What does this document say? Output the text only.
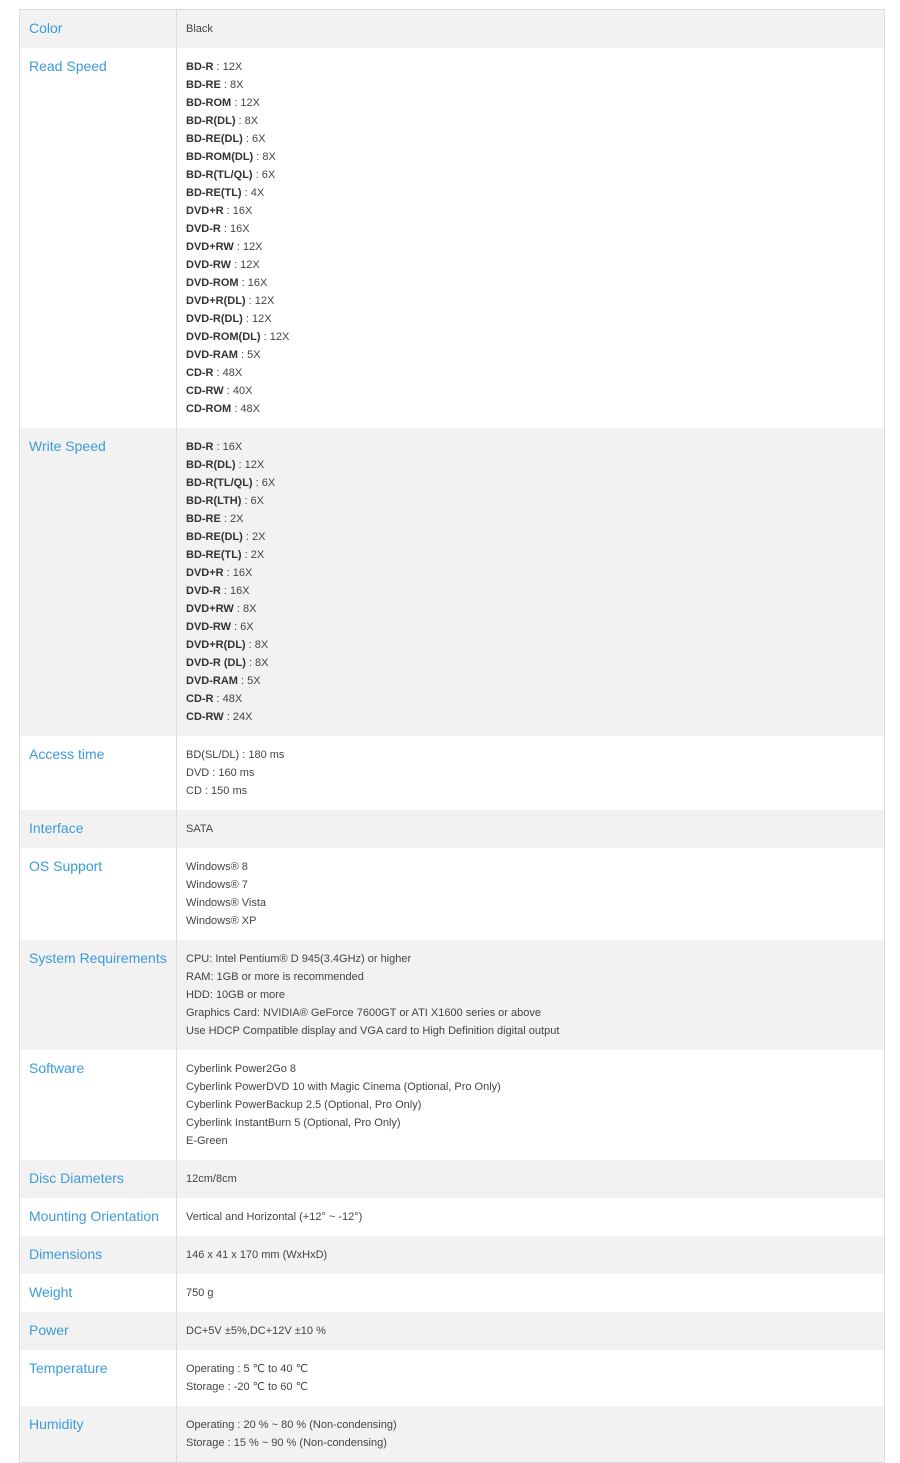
Color	Black
Read Speed	BD-R : 12X
BD-RE : 8X
BD-ROM : 12X
BD-R(DL) : 8X
BD-RE(DL) : 6X
BD-ROM(DL) : 8X
BD-R(TL/QL) : 6X
BD-RE(TL) : 4X
DVD+R : 16X
DVD-R : 16X
DVD+RW : 12X
DVD-RW : 12X
DVD-ROM : 16X
DVD+R(DL) : 12X
DVD-R(DL) : 12X
DVD-ROM(DL) : 12X
DVD-RAM : 5X
CD-R : 48X
CD-RW : 40X
CD-ROM : 48X
Write Speed	BD-R : 16X
BD-R(DL) : 12X
BD-R(TL/QL) : 6X
BD-R(LTH) : 6X
BD-RE : 2X
BD-RE(DL) : 2X
BD-RE(TL) : 2X
DVD+R : 16X
DVD-R : 16X
DVD+RW : 8X
DVD-RW : 6X
DVD+R(DL) : 8X
DVD-R (DL) : 8X
DVD-RAM : 5X
CD-R : 48X
CD-RW : 24X
Access time	BD(SL/DL) : 180 ms
DVD : 160 ms
CD : 150 ms
Interface	SATA
OS Support	Windows® 8
Windows® 7
Windows® Vista
Windows® XP
System Requirements	CPU: Intel Pentium® D 945(3.4GHz) or higher
RAM: 1GB or more is recommended
HDD: 10GB or more
Graphics Card: NVIDIA® GeForce 7600GT or ATI X1600 series or above
Use HDCP Compatible display and VGA card to High Definition digital output
Software	Cyberlink Power2Go 8
Cyberlink PowerDVD 10 with Magic Cinema (Optional, Pro Only)
Cyberlink PowerBackup 2.5 (Optional, Pro Only)
Cyberlink InstantBurn 5 (Optional, Pro Only)
E-Green
Disc Diameters	12cm/8cm
Mounting Orientation	Vertical and Horizontal (+12° ~ -12°)
Dimensions	146 x 41 x 170 mm (WxHxD)
Weight	750 g
Power	DC+5V ±5%,DC+12V ±10 %
Temperature	Operating : 5 ℃ to 40 ℃
Storage : -20 ℃ to 60 ℃
Humidity	Operating : 20 % ~ 80 % (Non-condensing)
Storage : 15 % ~ 90 % (Non-condensing)
